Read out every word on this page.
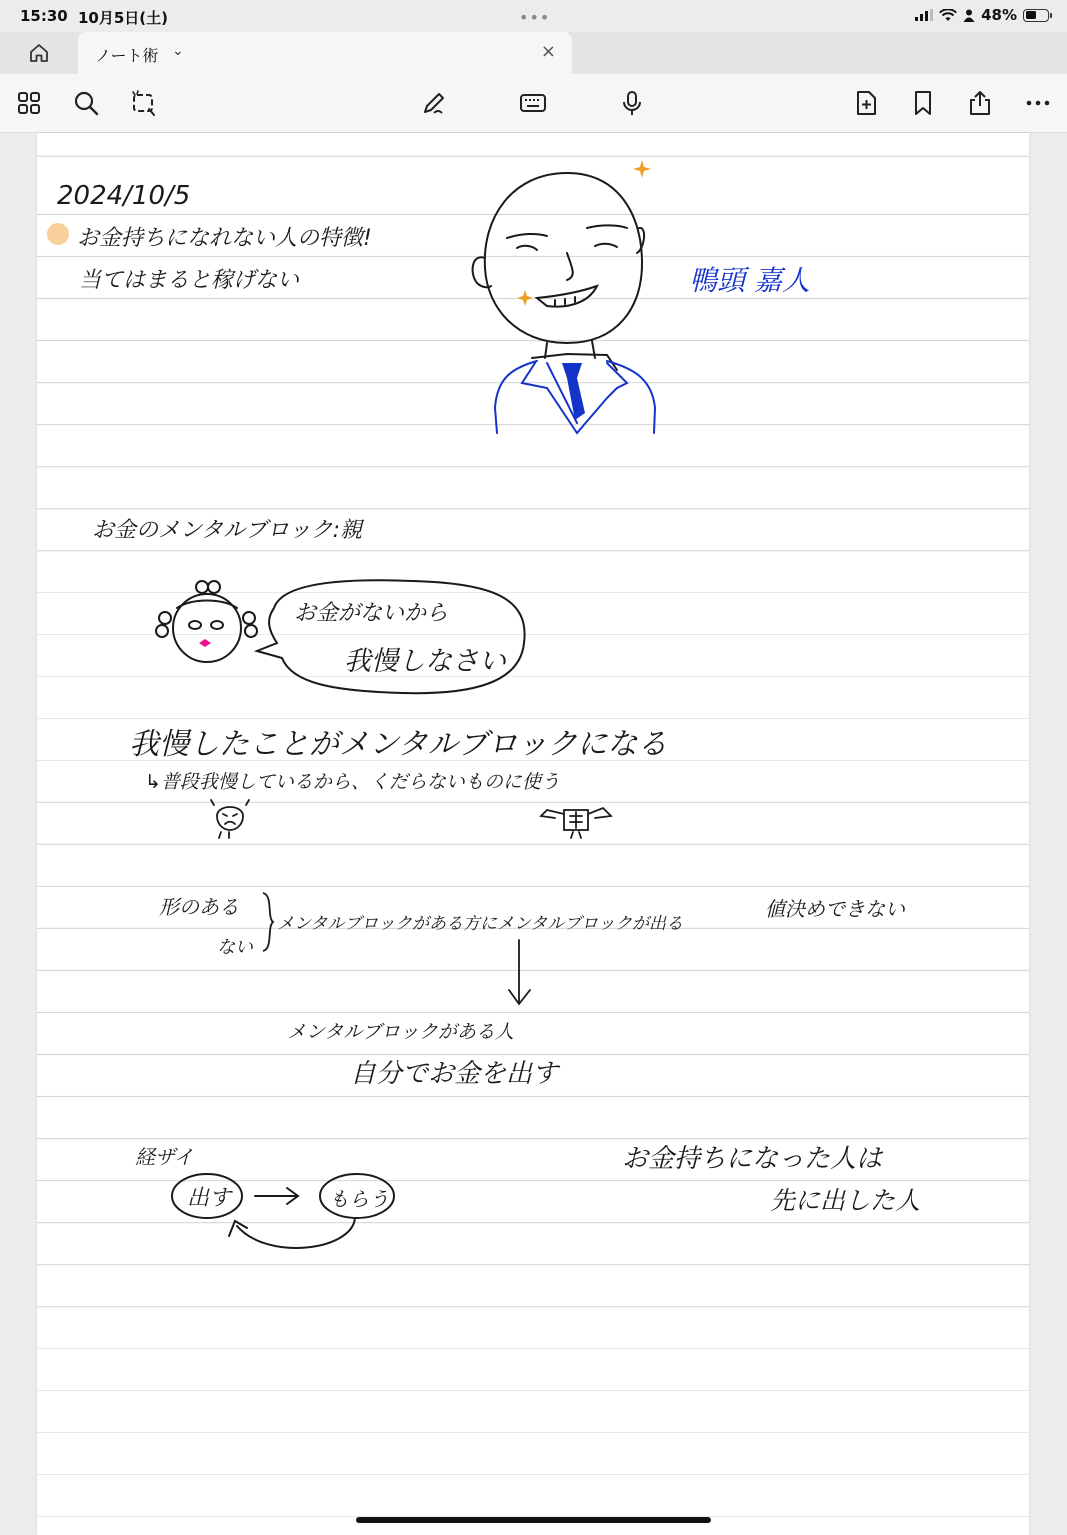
15:30 10月5日(土)	•••	48%
ノート術 ⌄	×
2024/10/5
お金持ちになれない人の特徴!
当てはまると稼げない	鴨頭 嘉人
お金のメンタルブロック:親
お金がないから
我慢しなさい
我慢したことがメンタルブロックになる
↳普段我慢しているから、くだらないものに使う
形のある
ない
メンタルブロックがある方にメンタルブロックが出る
値決めできない
メンタルブロックがある人
自分でお金を出す
経ザイ
出す	もらう
お金持ちになった人は
先に出した人
